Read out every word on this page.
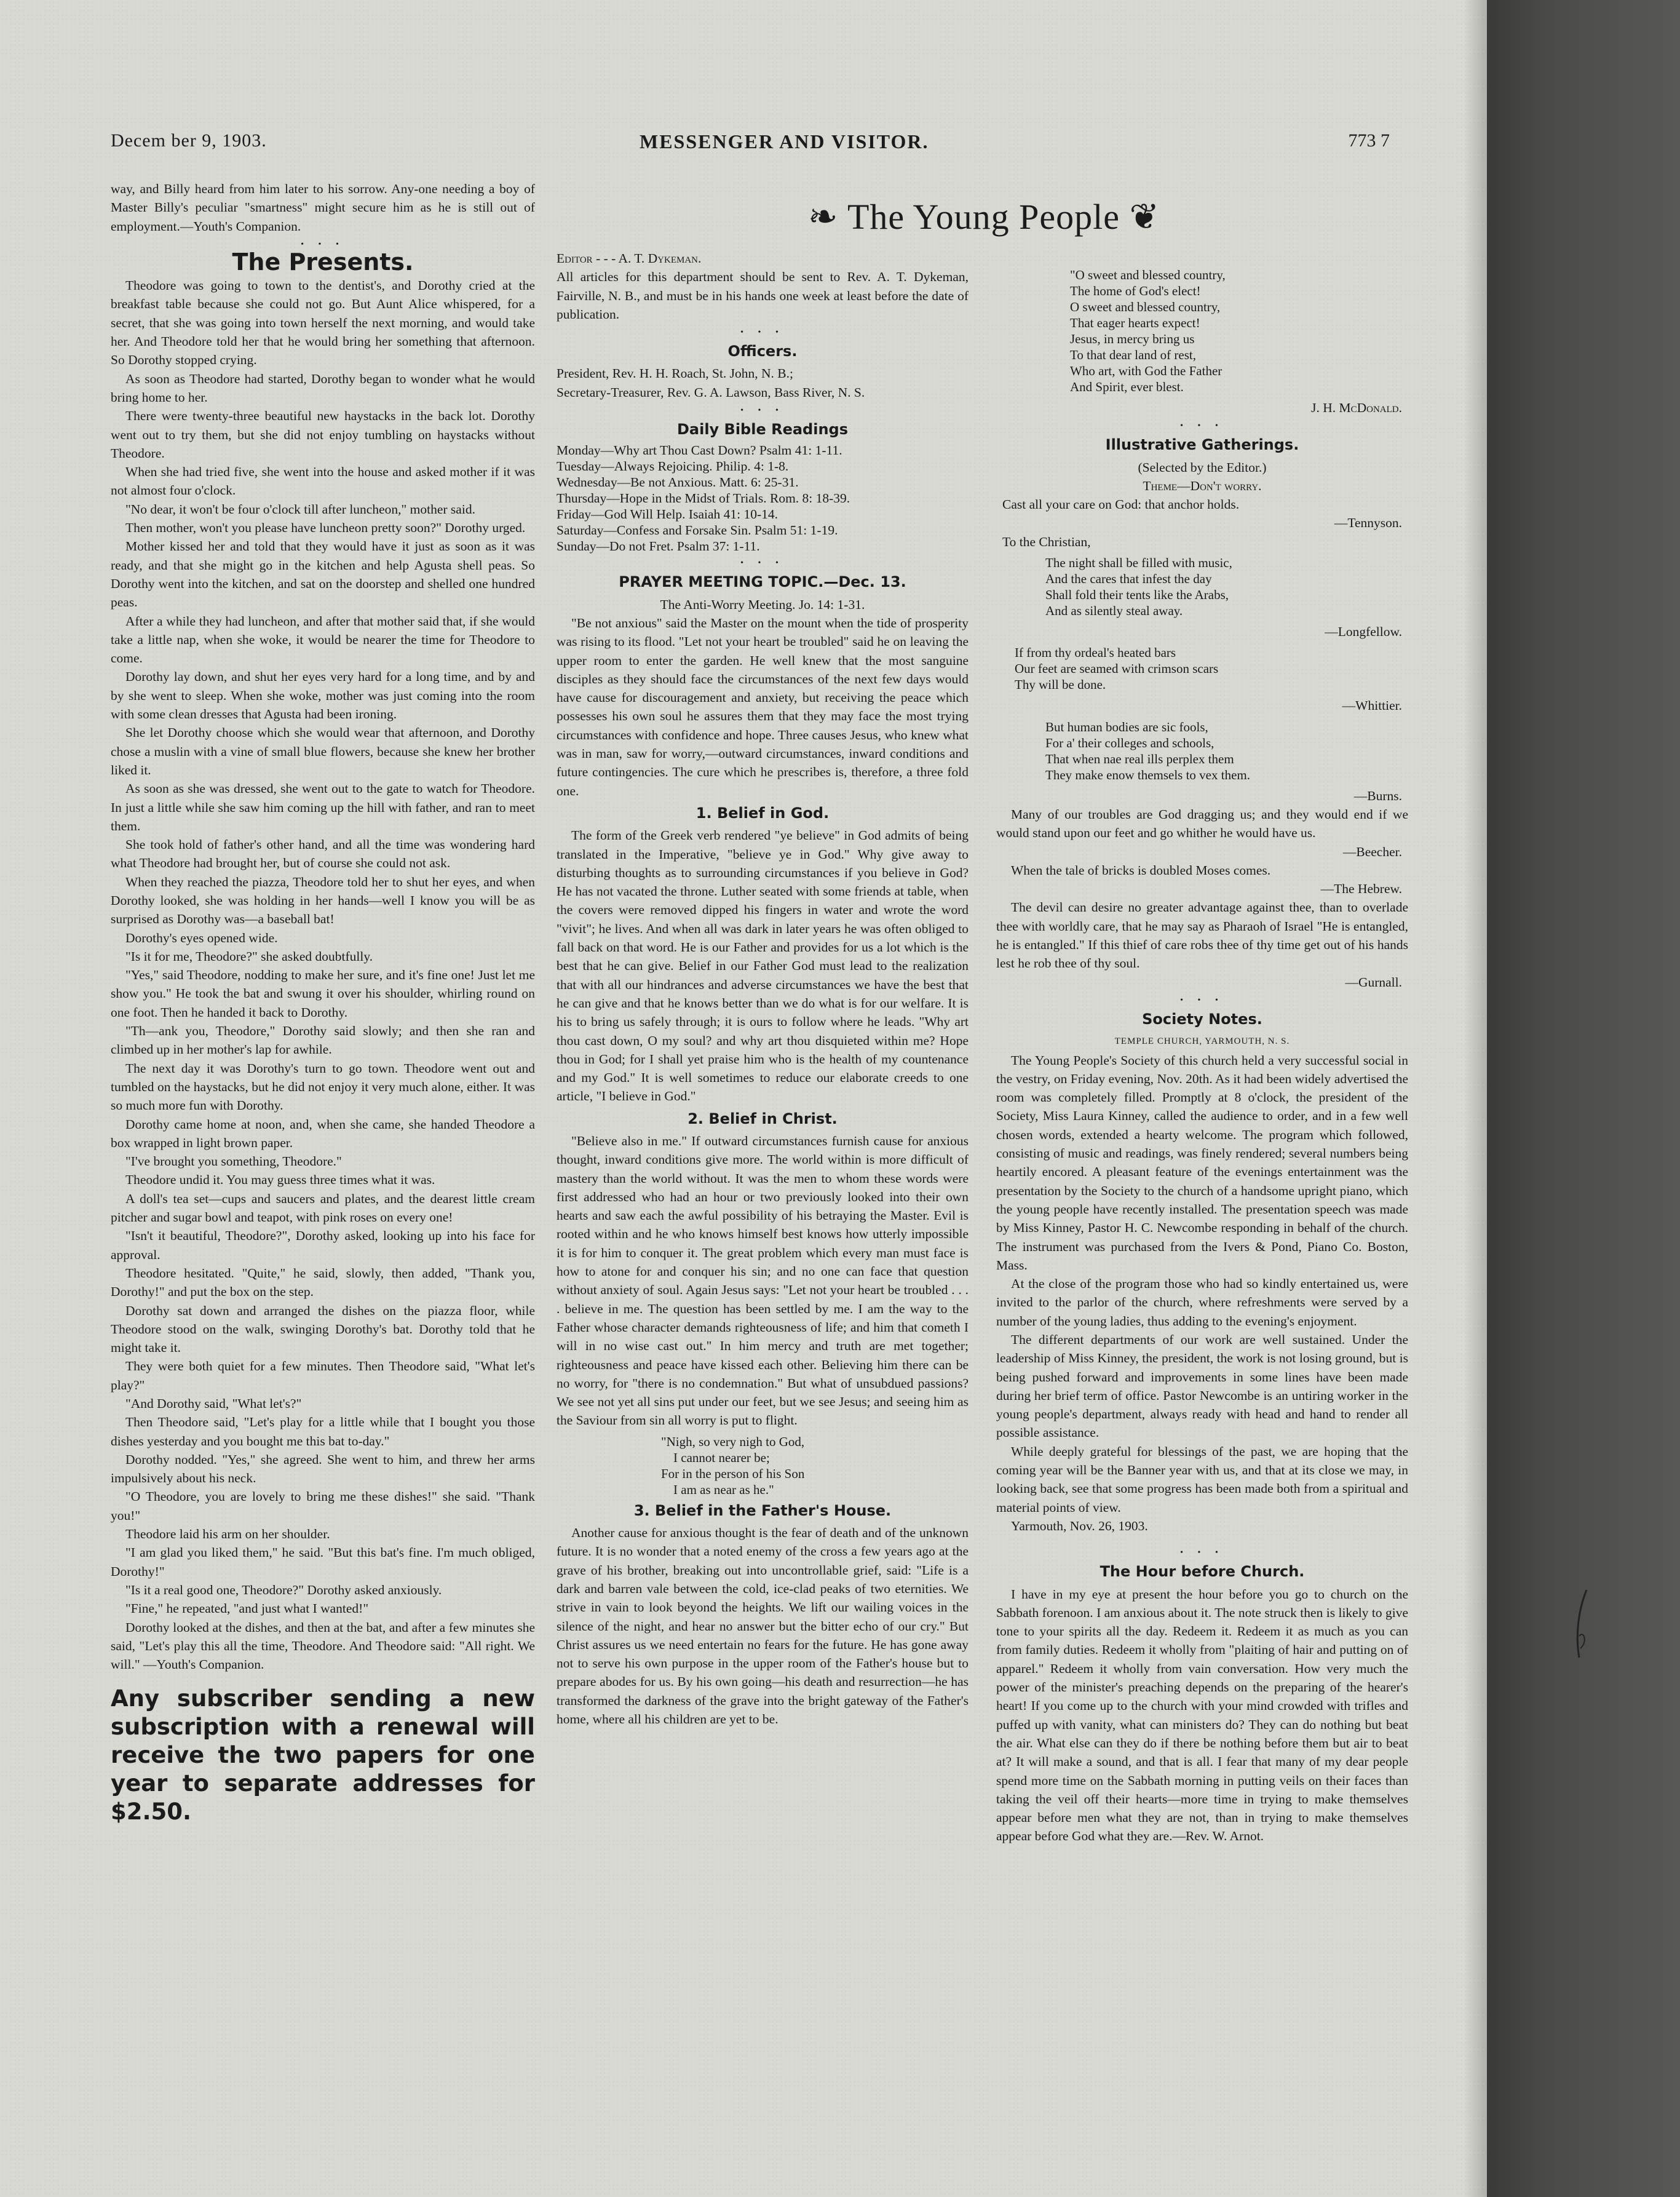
Decem ber 9, 1903.	MESSENGER AND VISITOR.	773 7
❧ The Young People ❦

way, and Billy heard from him later to his sorrow. Any-one needing a boy of Master Billy's peculiar "smartness" might secure him as he is still out of employment.—Youth's Companion.

• • •
The Presents.

Theodore was going to town to the dentist's, and Dorothy cried at the breakfast table because she could not go. But Aunt Alice whispered, for a secret, that she was going into town herself the next morning, and would take her. And Theodore told her that he would bring her something that afternoon. So Dorothy stopped crying.

As soon as Theodore had started, Dorothy began to wonder what he would bring home to her.

There were twenty-three beautiful new haystacks in the back lot. Dorothy went out to try them, but she did not enjoy tumbling on haystacks without Theodore.

When she had tried five, she went into the house and asked mother if it was not almost four o'clock.

"No dear, it won't be four o'clock till after luncheon," mother said.

Then mother, won't you please have luncheon pretty soon?" Dorothy urged.

Mother kissed her and told that they would have it just as soon as it was ready, and that she might go in the kitchen and help Agusta shell peas. So Dorothy went into the kitchen, and sat on the doorstep and shelled one hundred peas.

After a while they had luncheon, and after that mother said that, if she would take a little nap, when she woke, it would be nearer the time for Theodore to come.

Dorothy lay down, and shut her eyes very hard for a long time, and by and by she went to sleep. When she woke, mother was just coming into the room with some clean dresses that Agusta had been ironing.

She let Dorothy choose which she would wear that afternoon, and Dorothy chose a muslin with a vine of small blue flowers, because she knew her brother liked it.

As soon as she was dressed, she went out to the gate to watch for Theodore. In just a little while she saw him coming up the hill with father, and ran to meet them.

She took hold of father's other hand, and all the time was wondering hard what Theodore had brought her, but of course she could not ask.

When they reached the piazza, Theodore told her to shut her eyes, and when Dorothy looked, she was holding in her hands—well I know you will be as surprised as Dorothy was—a baseball bat!

Dorothy's eyes opened wide.

"Is it for me, Theodore?" she asked doubtfully.

"Yes," said Theodore, nodding to make her sure, and it's fine one! Just let me show you." He took the bat and swung it over his shoulder, whirling round on one foot. Then he handed it back to Dorothy.

"Th—ank you, Theodore," Dorothy said slowly; and then she ran and climbed up in her mother's lap for awhile.

The next day it was Dorothy's turn to go town. Theodore went out and tumbled on the haystacks, but he did not enjoy it very much alone, either. It was so much more fun with Dorothy.

Dorothy came home at noon, and, when she came, she handed Theodore a box wrapped in light brown paper.

"I've brought you something, Theodore."

Theodore undid it. You may guess three times what it was.

A doll's tea set—cups and saucers and plates, and the dearest little cream pitcher and sugar bowl and teapot, with pink roses on every one!

"Isn't it beautiful, Theodore?", Dorothy asked, looking up into his face for approval.

Theodore hesitated. "Quite," he said, slowly, then added, "Thank you, Dorothy!" and put the box on the step.

Dorothy sat down and arranged the dishes on the piazza floor, while Theodore stood on the walk, swinging Dorothy's bat. Dorothy told that he might take it.

They were both quiet for a few minutes. Then Theodore said, "What let's play?"

"And Dorothy said, "What let's?"

Then Theodore said, "Let's play for a little while that I bought you those dishes yesterday and you bought me this bat to-day."

Dorothy nodded. "Yes," she agreed. She went to him, and threw her arms impulsively about his neck.

"O Theodore, you are lovely to bring me these dishes!" she said. "Thank you!"

Theodore laid his arm on her shoulder.

"I am glad you liked them," he said. "But this bat's fine. I'm much obliged, Dorothy!"

"Is it a real good one, Theodore?" Dorothy asked anxiously.

"Fine," he repeated, "and just what I wanted!"

Dorothy looked at the dishes, and then at the bat, and after a few minutes she said, "Let's play this all the time, Theodore. And Theodore said: "All right. We will." —Youth's Companion.

Any subscriber sending a new subscription with a renewal will receive the two papers for one year to separate addresses for $2.50.
Editor - - - A. T. Dykeman.

All articles for this department should be sent to Rev. A. T. Dykeman, Fairville, N. B., and must be in his hands one week at least before the date of publication.

• • •
Officers.
President, Rev. H. H. Roach, St. John, N. B.;
Secretary-Treasurer, Rev. G. A. Lawson, Bass River, N. S.
• • •
Daily Bible Readings
Monday—Why art Thou Cast Down? Psalm 41: 1-11.
Tuesday—Always Rejoicing. Philip. 4: 1-8.
Wednesday—Be not Anxious. Matt. 6: 25-31.
Thursday—Hope in the Midst of Trials. Rom. 8: 18-39.
Friday—God Will Help. Isaiah 41: 10-14.
Saturday—Confess and Forsake Sin. Psalm 51: 1-19.
Sunday—Do not Fret. Psalm 37: 1-11.
• • •
PRAYER MEETING TOPIC.—Dec. 13.
The Anti-Worry Meeting. Jo. 14: 1-31.

"Be not anxious" said the Master on the mount when the tide of prosperity was rising to its flood. "Let not your heart be troubled" said he on leaving the upper room to enter the garden. He well knew that the most sanguine disciples as they should face the circumstances of the next few days would have cause for discouragement and anxiety, but receiving the peace which possesses his own soul he assures them that they may face the most trying circumstances with confidence and hope. Three causes Jesus, who knew what was in man, saw for worry,—outward circumstances, inward conditions and future contingencies. The cure which he prescribes is, therefore, a three fold one.

1. Belief in God.

The form of the Greek verb rendered "ye believe" in God admits of being translated in the Imperative, "believe ye in God." Why give away to disturbing thoughts as to surrounding circumstances if you believe in God? He has not vacated the throne. Luther seated with some friends at table, when the covers were removed dipped his fingers in water and wrote the word "vivit"; he lives. And when all was dark in later years he was often obliged to fall back on that word. He is our Father and provides for us a lot which is the best that he can give. Belief in our Father God must lead to the realization that with all our hindrances and adverse circumstances we have the best that he can give and that he knows better than we do what is for our welfare. It is his to bring us safely through; it is ours to follow where he leads. "Why art thou cast down, O my soul? and why art thou disquieted within me? Hope thou in God; for I shall yet praise him who is the health of my countenance and my God." It is well sometimes to reduce our elaborate creeds to one article, "I believe in God."

2. Belief in Christ.

"Believe also in me." If outward circumstances furnish cause for anxious thought, inward conditions give more. The world within is more difficult of mastery than the world without. It was the men to whom these words were first addressed who had an hour or two previously looked into their own hearts and saw each the awful possibility of his betraying the Master. Evil is rooted within and he who knows himself best knows how utterly impossible it is for him to conquer it. The great problem which every man must face is how to atone for and conquer his sin; and no one can face that question without anxiety of soul. Again Jesus says: "Let not your heart be troubled . . . . believe in me. The question has been settled by me. I am the way to the Father whose character demands righteousness of life; and him that cometh I will in no wise cast out." In him mercy and truth are met together; righteousness and peace have kissed each other. Believing him there can be no worry, for "there is no condemnation." But what of unsubdued passions? We see not yet all sins put under our feet, but we see Jesus; and seeing him as the Saviour from sin all worry is put to flight.

"Nigh, so very nigh to God,
I cannot nearer be;
For in the person of his Son
I am as near as he."
3. Belief in the Father's House.

Another cause for anxious thought is the fear of death and of the unknown future. It is no wonder that a noted enemy of the cross a few years ago at the grave of his brother, breaking out into uncontrollable grief, said: "Life is a dark and barren vale between the cold, ice-clad peaks of two eternities. We strive in vain to look beyond the heights. We lift our wailing voices in the silence of the night, and hear no answer but the bitter echo of our cry." But Christ assures us we need entertain no fears for the future. He has gone away not to serve his own purpose in the upper room of the Father's house but to prepare abodes for us. By his own going—his death and resurrection—he has transformed the darkness of the grave into the bright gateway of the Father's home, where all his children are yet to be.

"O sweet and blessed country,
The home of God's elect!
O sweet and blessed country,
That eager hearts expect!
Jesus, in mercy bring us
To that dear land of rest,
Who art, with God the Father
And Spirit, ever blest.
J. H. McDonald.
• • •
Illustrative Gatherings.
(Selected by the Editor.)
Theme—Don't worry.
Cast all your care on God: that anchor holds.
—Tennyson.
To the Christian,
The night shall be filled with music,
And the cares that infest the day
Shall fold their tents like the Arabs,
And as silently steal away.
—Longfellow.
If from thy ordeal's heated bars
Our feet are seamed with crimson scars
Thy will be done.
—Whittier.
But human bodies are sic fools,
For a' their colleges and schools,
That when nae real ills perplex them
They make enow themsels to vex them.
—Burns.

Many of our troubles are God dragging us; and they would end if we would stand upon our feet and go whither he would have us.

—Beecher.

When the tale of bricks is doubled Moses comes.

—The Hebrew.

The devil can desire no greater advantage against thee, than to overlade thee with worldly care, that he may say as Pharaoh of Israel "He is entangled, he is entangled." If this thief of care robs thee of thy time get out of his hands lest he rob thee of thy soul.

—Gurnall.
• • •
Society Notes.
TEMPLE CHURCH, YARMOUTH, N. S.

The Young People's Society of this church held a very successful social in the vestry, on Friday evening, Nov. 20th. As it had been widely advertised the room was completely filled. Promptly at 8 o'clock, the president of the Society, Miss Laura Kinney, called the audience to order, and in a few well chosen words, extended a hearty welcome. The program which followed, consisting of music and readings, was finely rendered; several numbers being heartily encored. A pleasant feature of the evenings entertainment was the presentation by the Society to the church of a handsome upright piano, which the young people have recently installed. The presentation speech was made by Miss Kinney, Pastor H. C. Newcombe responding in behalf of the church. The instrument was purchased from the Ivers & Pond, Piano Co. Boston, Mass.

At the close of the program those who had so kindly entertained us, were invited to the parlor of the church, where refreshments were served by a number of the young ladies, thus adding to the evening's enjoyment.

The different departments of our work are well sustained. Under the leadership of Miss Kinney, the president, the work is not losing ground, but is being pushed forward and improvements in some lines have been made during her brief term of office. Pastor Newcombe is an untiring worker in the young people's department, always ready with head and hand to render all possible assistance.

While deeply grateful for blessings of the past, we are hoping that the coming year will be the Banner year with us, and that at its close we may, in looking back, see that some progress has been made both from a spiritual and material points of view.

Yarmouth, Nov. 26, 1903.
• • •
The Hour before Church.

I have in my eye at present the hour before you go to church on the Sabbath forenoon. I am anxious about it. The note struck then is likely to give tone to your spirits all the day. Redeem it. Redeem it as much as you can from family duties. Redeem it wholly from "plaiting of hair and putting on of apparel." Redeem it wholly from vain conversation. How very much the power of the minister's preaching depends on the preparing of the hearer's heart! If you come up to the church with your mind crowded with trifles and puffed up with vanity, what can ministers do? They can do nothing but beat the air. What else can they do if there be nothing before them but air to beat at? It will make a sound, and that is all. I fear that many of my dear people spend more time on the Sabbath morning in putting veils on their faces than taking the veil off their hearts—more time in trying to make themselves appear before men what they are not, than in trying to make themselves appear before God what they are.—Rev. W. Arnot.
